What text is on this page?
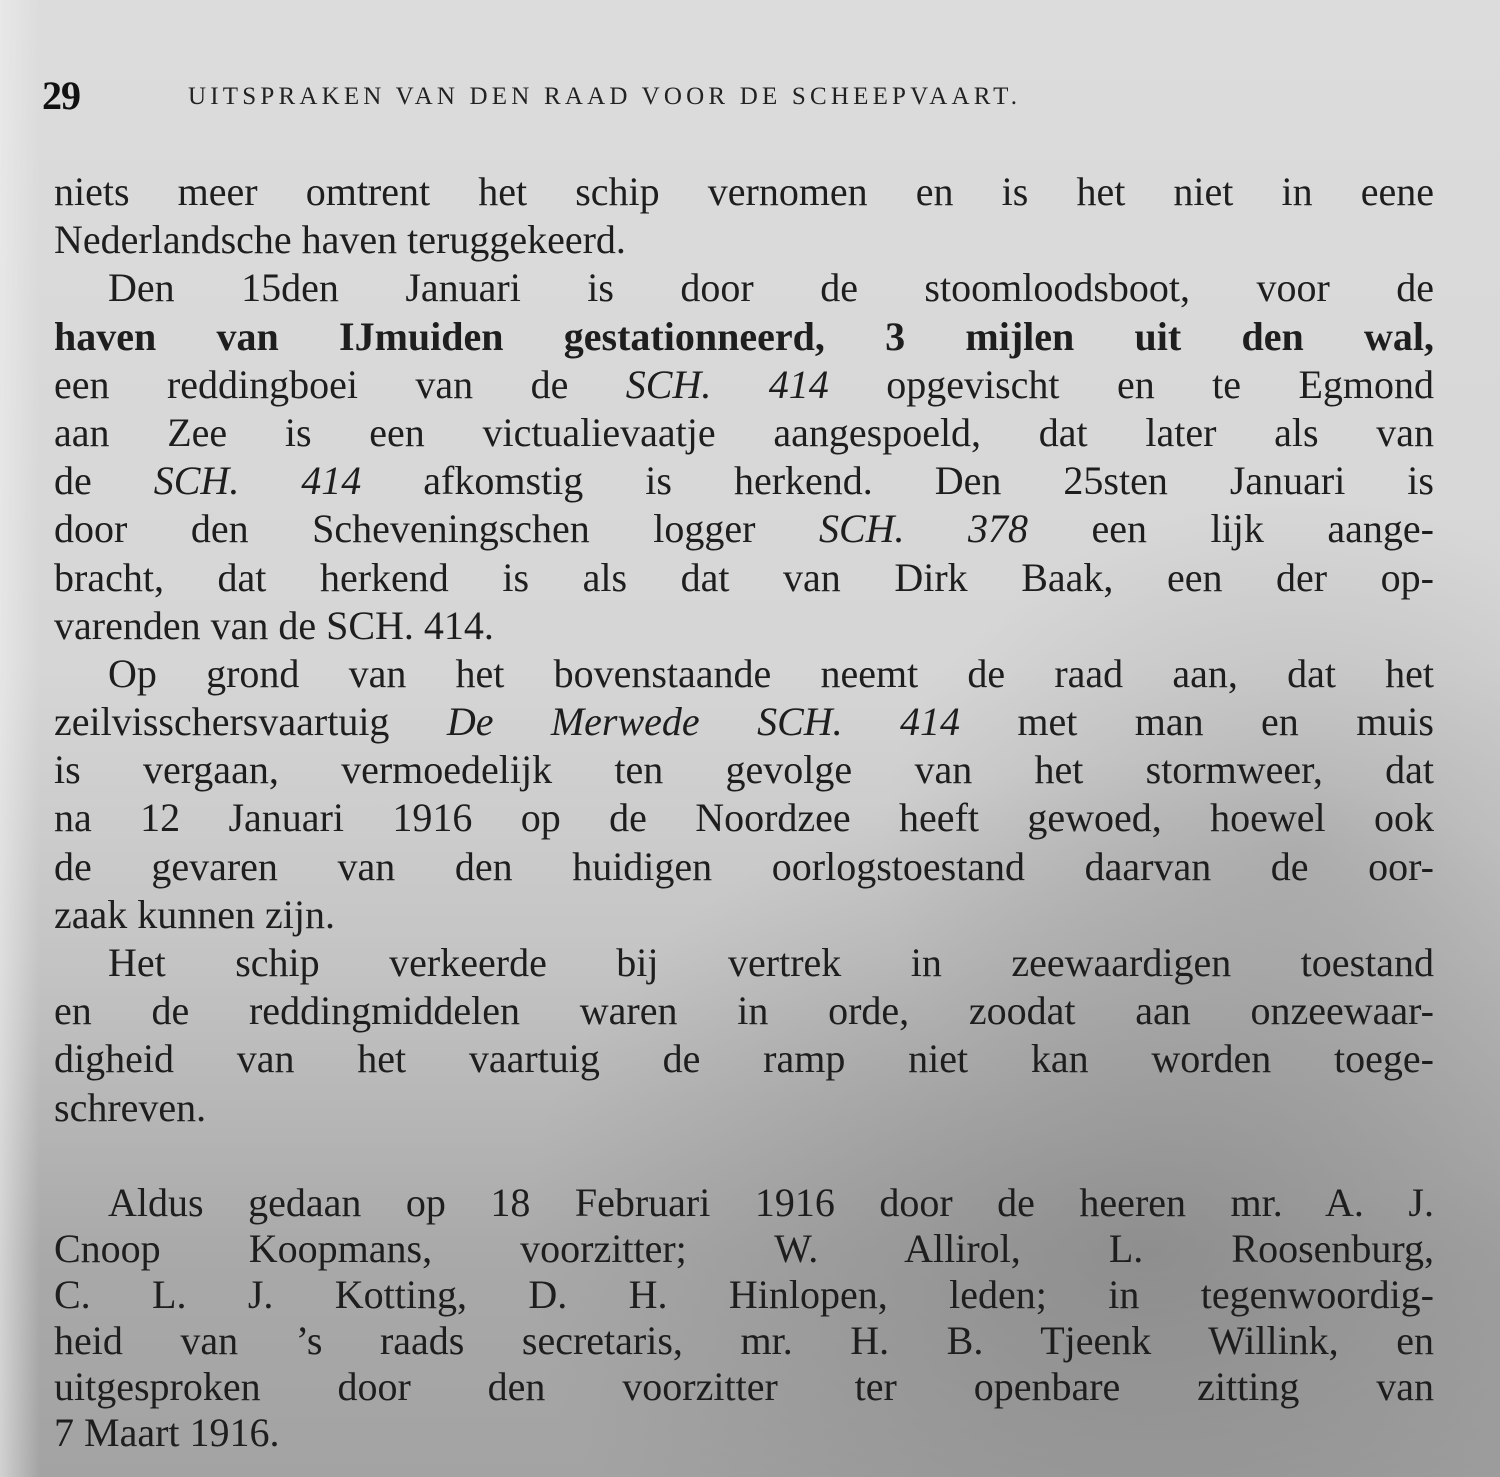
29	UITSPRAKEN VAN DEN RAAD VOOR DE SCHEEPVAART.
niets meer omtrent het schip vernomen en is het niet in eene
Nederlandsche haven teruggekeerd.
Den 15den Januari is door de stoomloodsboot, voor de
haven van IJmuiden gestationneerd, 3 mijlen uit den wal,
een reddingboei van de SCH. 414 opgevischt en te Egmond
aan Zee is een victualievaatje aangespoeld, dat later als van
de SCH. 414 afkomstig is herkend. Den 25sten Januari is
door den Scheveningschen logger SCH. 378 een lijk aange-
bracht, dat herkend is als dat van Dirk Baak, een der op-
varenden van de SCH. 414.
Op grond van het bovenstaande neemt de raad aan, dat het
zeilvisschersvaartuig De Merwede SCH. 414 met man en muis
is vergaan, vermoedelijk ten gevolge van het stormweer, dat
na 12 Januari 1916 op de Noordzee heeft gewoed, hoewel ook
de gevaren van den huidigen oorlogstoestand daarvan de oor-
zaak kunnen zijn.
Het schip verkeerde bij vertrek in zeewaardigen toestand
en de reddingmiddelen waren in orde, zoodat aan onzeewaar-
digheid van het vaartuig de ramp niet kan worden toege-
schreven.
Aldus gedaan op 18 Februari 1916 door de heeren mr. A. J.
Cnoop Koopmans, voorzitter; W. Allirol, L. Roosenburg,
C. L. J. Kotting, D. H. Hinlopen, leden; in tegenwoordig-
heid van ’s raads secretaris, mr. H. B. Tjeenk Willink, en
uitgesproken door den voorzitter ter openbare zitting van
7 Maart 1916.
